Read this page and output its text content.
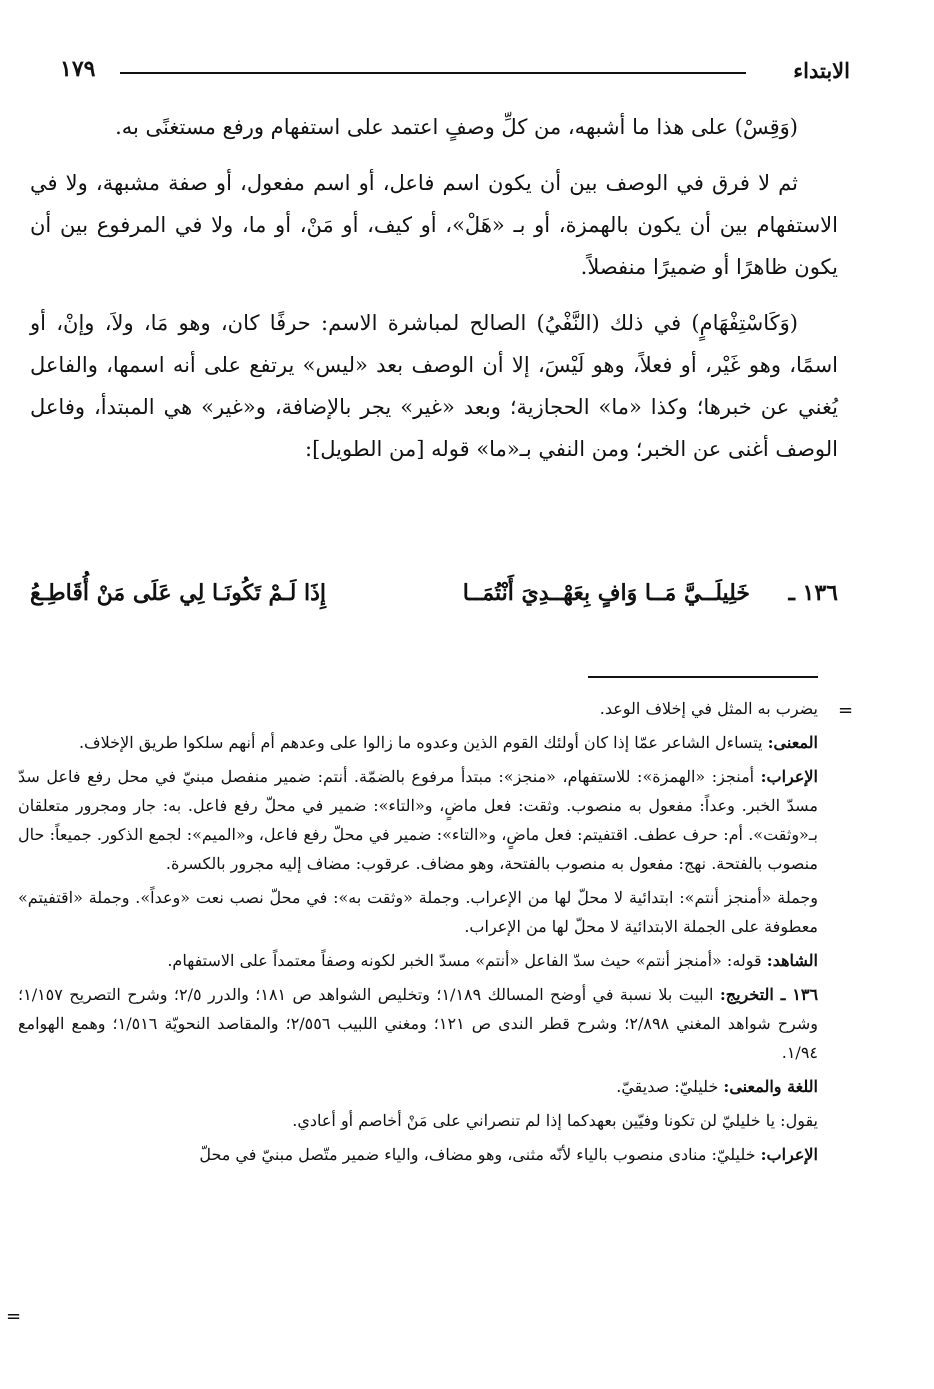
الابتداء
١٧٩

(وَقِسْ) على هذا ما أشبهه، من كلِّ وصفٍ اعتمد على استفهام ورفع مستغنًى به.

ثم لا فرق في الوصف بين أن يكون اسم فاعل، أو اسم مفعول، أو صفة مشبهة، ولا في الاستفهام بين أن يكون بالهمزة، أو بـ «هَلْ»، أو كيف، أو مَنْ، أو ما، ولا في المرفوع بين أن يكون ظاهرًا أو ضميرًا منفصلاً.

(وَكَاسْتِفْهَامٍ) في ذلك (النَّفْيُ) الصالح لمباشرة الاسم: حرفًا كان، وهو مَا، ولاَ، وإنْ، أو اسمًا، وهو غَيْر، أو فعلاً، وهو لَيْسَ، إلا أن الوصف بعد «ليس» يرتفع على أنه اسمها، والفاعل يُغني عن خبرها؛ وكذا «ما» الحجازية؛ وبعد «غير» يجر بالإضافة، و«غير» هي المبتدأ، وفاعل الوصف أغنى عن الخبر؛ ومن النفي بـ«ما» قوله [من الطويل]:

١٣٦ ـ
خَلِيلَــيَّ مَــا وَافٍ بِعَهْــدِيَ أَنْتُمَــا
إِذَا لَـمْ تَكُونَـا لِي عَلَى مَنْ أُقَاطِـعُ
=

يضرب به المثل في إخلاف الوعد.

المعنى: يتساءل الشاعر عمّا إذا كان أولئك القوم الذين وعدوه ما زالوا على وعدهم أم أنهم سلكوا طريق الإخلاف.

الإعراب: أمنجز: «الهمزة»: للاستفهام، «منجز»: مبتدأ مرفوع بالضمّة. أنتم: ضمير منفصل مبنيّ في محل رفع فاعل سدّ مسدّ الخبر. وعداً: مفعول به منصوب. وثقت: فعل ماضٍ، و«التاء»: ضمير في محلّ رفع فاعل. به: جار ومجرور متعلقان بـ«وثقت». أم: حرف عطف. اقتفيتم: فعل ماضٍ، و«التاء»: ضمير في محلّ رفع فاعل، و«الميم»: لجمع الذكور. جميعاً: حال منصوب بالفتحة. نهج: مفعول به منصوب بالفتحة، وهو مضاف. عرقوب: مضاف إليه مجرور بالكسرة.

وجملة «أمنجز أنتم»: ابتدائية لا محلّ لها من الإعراب. وجملة «وثقت به»: في محلّ نصب نعت «وعداً». وجملة «اقتفيتم» معطوفة على الجملة الابتدائية لا محلّ لها من الإعراب.

الشاهد: قوله: «أمنجز أنتم» حيث سدّ الفاعل «أنتم» مسدّ الخبر لكونه وصفاً معتمداً على الاستفهام.

١٣٦ ـ التخريج: البيت بلا نسبة في أوضح المسالك ١/١٨٩؛ وتخليص الشواهد ص ١٨١؛ والدرر ٢/٥؛ وشرح التصريح ١/١٥٧؛ وشرح شواهد المغني ٢/٨٩٨؛ وشرح قطر الندى ص ١٢١؛ ومغني اللبيب ٢/٥٥٦؛ والمقاصد النحويّة ١/٥١٦؛ وهمع الهوامع ١/٩٤.

اللغة والمعنى: خليليّ: صديقيّ.

يقول: يا خليليّ لن تكونا وفيّين بعهدكما إذا لم تنصراني على مَنْ أخاصم أو أعادي.

الإعراب: خليليّ: منادى منصوب بالياء لأنّه مثنى، وهو مضاف، والياء ضمير متّصل مبنيّ في محلّ

=
